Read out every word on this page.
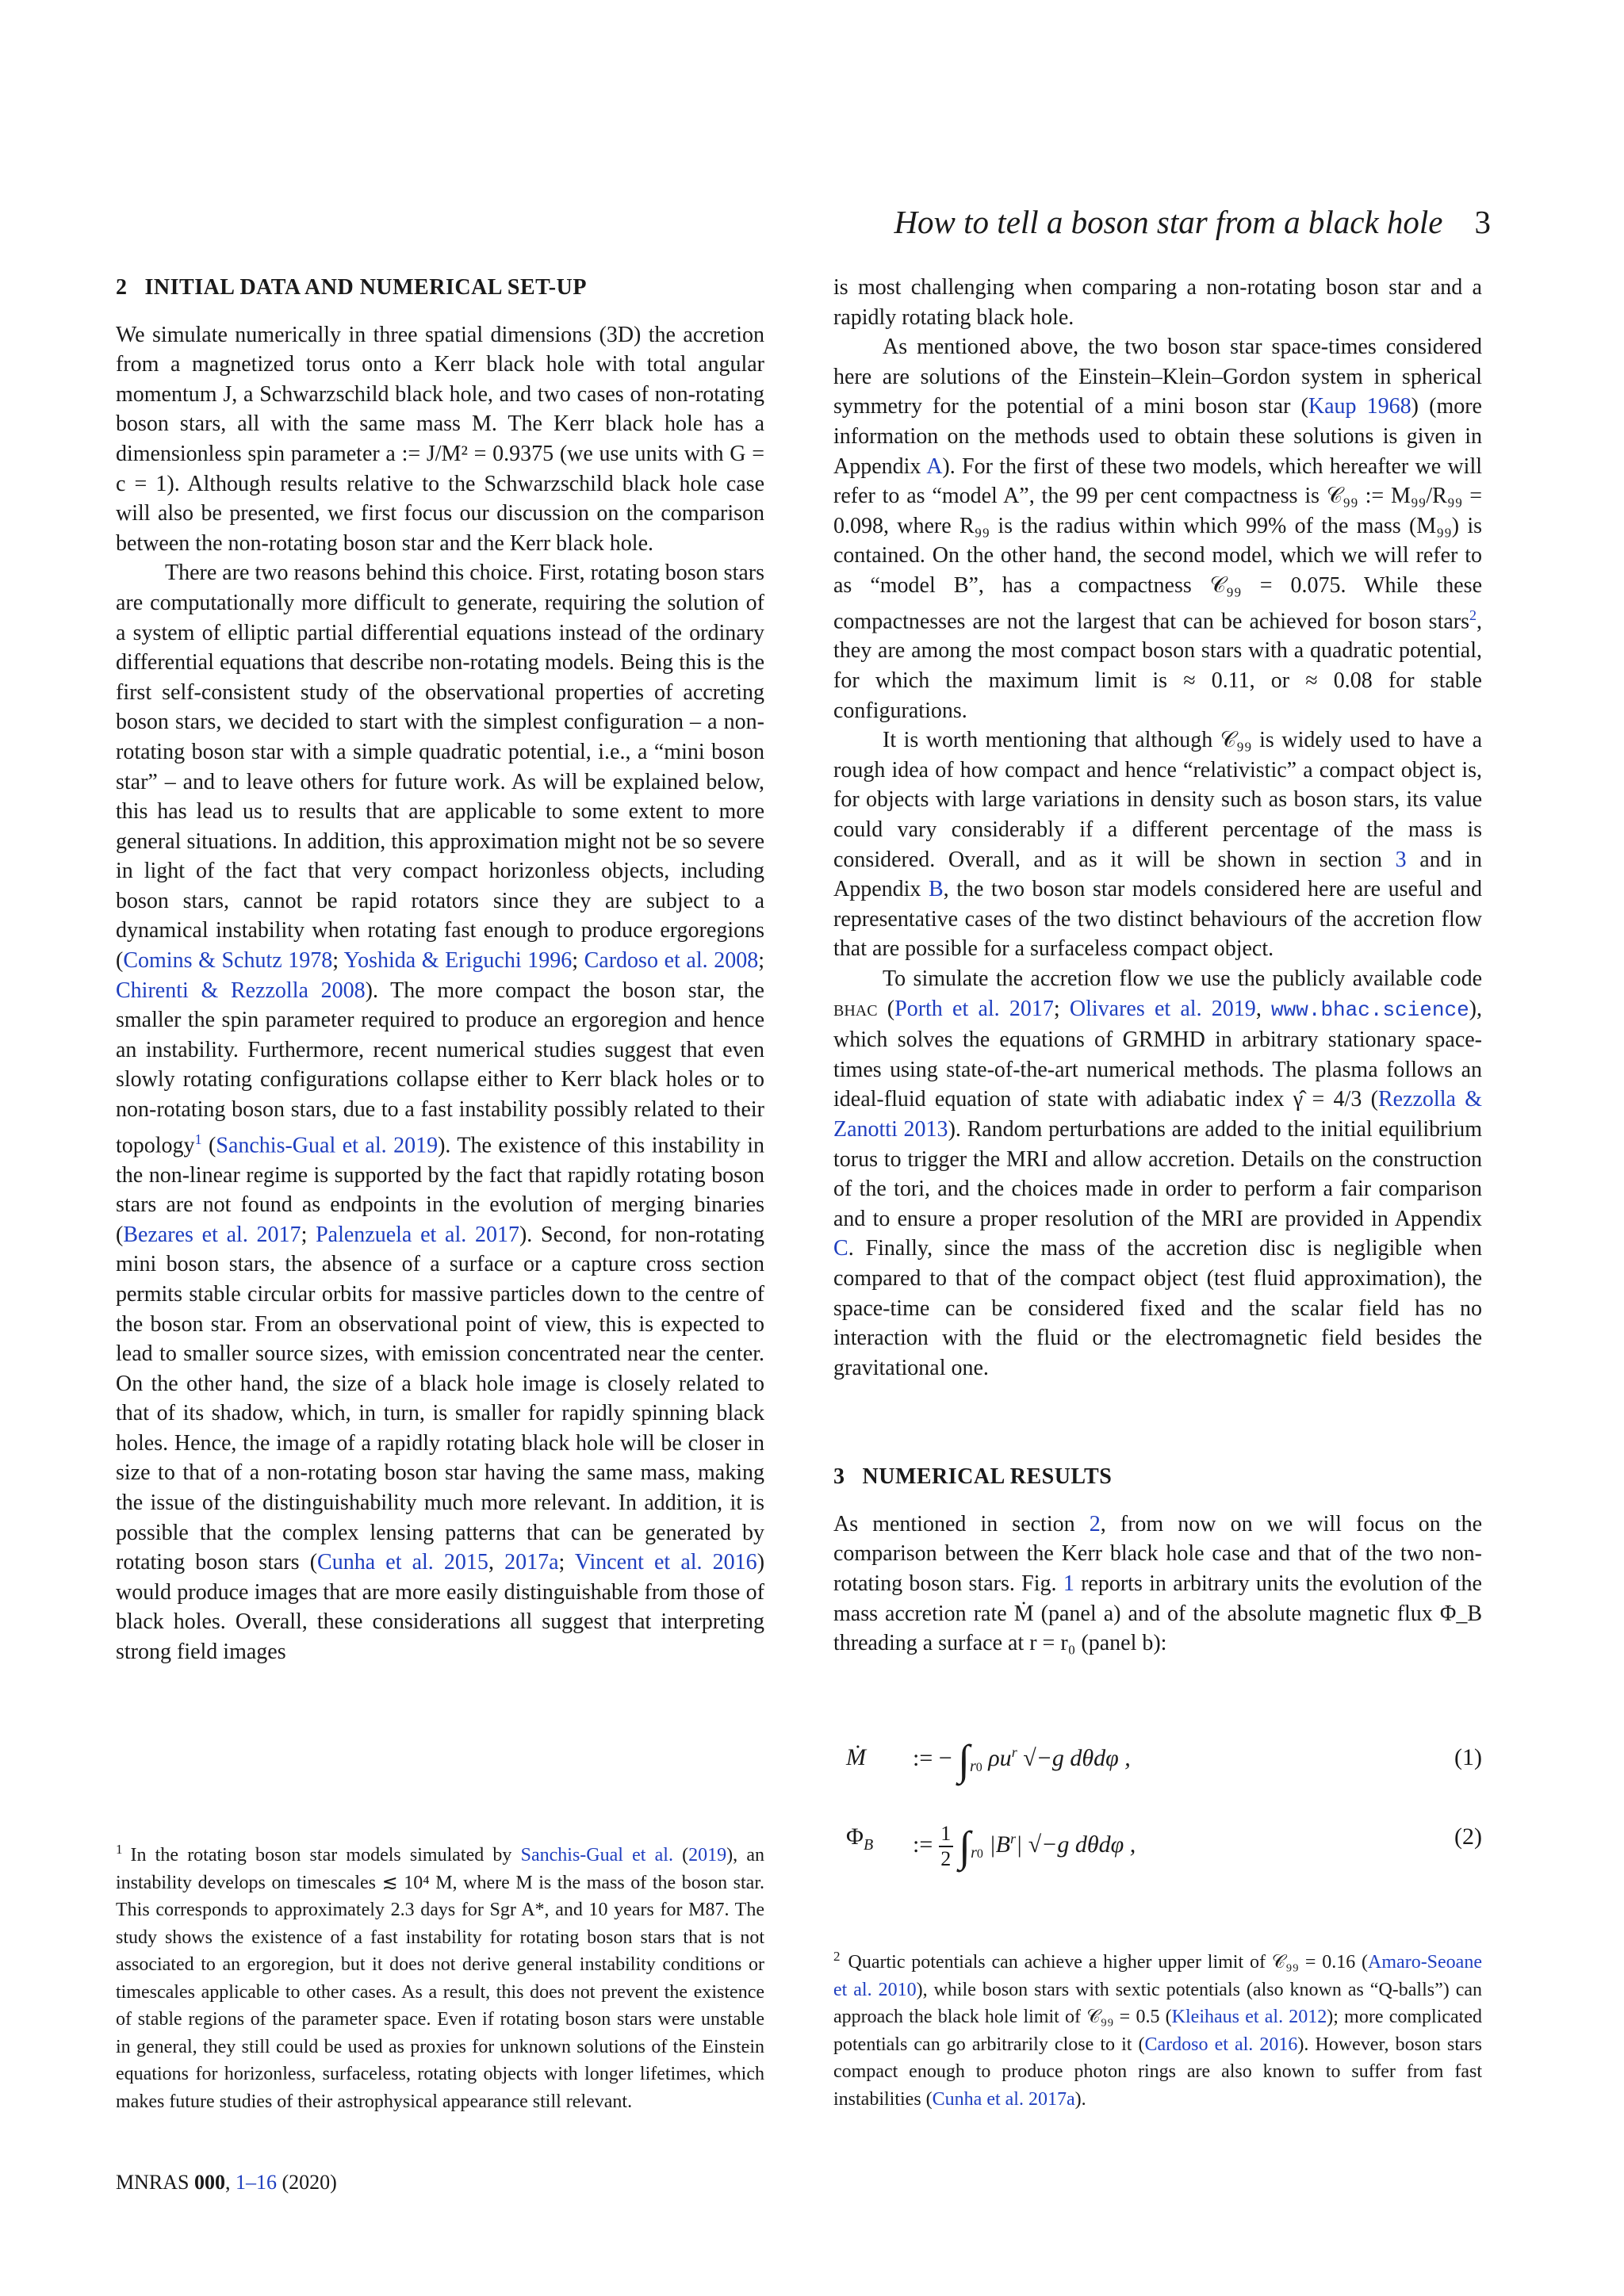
How to tell a boson star from a black hole 3
2 INITIAL DATA AND NUMERICAL SET-UP

We simulate numerically in three spatial dimensions (3D) the accretion from a magnetized torus onto a Kerr black hole with total angular momentum J, a Schwarzschild black hole, and two cases of non-rotating boson stars, all with the same mass M. The Kerr black hole has a dimensionless spin parameter a := J/M² = 0.9375 (we use units with G = c = 1). Although results relative to the Schwarzschild black hole case will also be presented, we first focus our discussion on the comparison between the non-rotating boson star and the Kerr black hole.

There are two reasons behind this choice. First, rotating boson stars are computationally more difficult to generate, requiring the solution of a system of elliptic partial differential equations instead of the ordinary differential equations that describe non-rotating models. Being this is the first self-consistent study of the observational properties of accreting boson stars, we decided to start with the simplest configuration – a non-rotating boson star with a simple quadratic potential, i.e., a “mini boson star” – and to leave others for future work. As will be explained below, this has lead us to results that are applicable to some extent to more general situations. In addition, this approximation might not be so severe in light of the fact that very compact horizonless objects, including boson stars, cannot be rapid rotators since they are subject to a dynamical instability when rotating fast enough to produce ergoregions (Comins & Schutz 1978; Yoshida & Eriguchi 1996; Cardoso et al. 2008; Chirenti & Rezzolla 2008). The more compact the boson star, the smaller the spin parameter required to produce an ergoregion and hence an instability. Furthermore, recent numerical studies suggest that even slowly rotating configurations collapse either to Kerr black holes or to non-rotating boson stars, due to a fast instability possibly related to their topology$^1$ (Sanchis-Gual et al. 2019). The existence of this instability in the non-linear regime is supported by the fact that rapidly rotating boson stars are not found as endpoints in the evolution of merging binaries (Bezares et al. 2017; Palenzuela et al. 2017). Second, for non-rotating mini boson stars, the absence of a surface or a capture cross section permits stable circular orbits for massive particles down to the centre of the boson star. From an observational point of view, this is expected to lead to smaller source sizes, with emission concentrated near the center. On the other hand, the size of a black hole image is closely related to that of its shadow, which, in turn, is smaller for rapidly spinning black holes. Hence, the image of a rapidly rotating black hole will be closer in size to that of a non-rotating boson star having the same mass, making the issue of the distinguishability much more relevant. In addition, it is possible that the complex lensing patterns that can be generated by rotating boson stars (Cunha et al. 2015, 2017a; Vincent et al. 2016) would produce images that are more easily distinguishable from those of black holes. Overall, these considerations all suggest that interpreting strong field images

$^1$ In the rotating boson star models simulated by Sanchis-Gual et al. (2019), an instability develops on timescales ≲ 10⁴ M, where M is the mass of the boson star. This corresponds to approximately 2.3 days for Sgr A*, and 10 years for M87. The study shows the existence of a fast instability for rotating boson stars that is not associated to an ergoregion, but it does not derive general instability conditions or timescales applicable to other cases. As a result, this does not prevent the existence of stable regions of the parameter space. Even if rotating boson stars were unstable in general, they still could be used as proxies for unknown solutions of the Einstein equations for horizonless, surfaceless, rotating objects with longer lifetimes, which makes future studies of their astrophysical appearance still relevant.
MNRAS 000, 1–16 (2020)

is most challenging when comparing a non-rotating boson star and a rapidly rotating black hole.

As mentioned above, the two boson star space-times considered here are solutions of the Einstein–Klein–Gordon system in spherical symmetry for the potential of a mini boson star (Kaup 1968) (more information on the methods used to obtain these solutions is given in Appendix A). For the first of these two models, which hereafter we will refer to as “model A”, the 99 per cent compactness is 𝒞₉₉ := M₉₉/R₉₉ = 0.098, where R₉₉ is the radius within which 99% of the mass (M₉₉) is contained. On the other hand, the second model, which we will refer to as “model B”, has a compactness 𝒞₉₉ = 0.075. While these compactnesses are not the largest that can be achieved for boson stars$^2$, they are among the most compact boson stars with a quadratic potential, for which the maximum limit is ≈ 0.11, or ≈ 0.08 for stable configurations.

It is worth mentioning that although 𝒞₉₉ is widely used to have a rough idea of how compact and hence “relativistic” a compact object is, for objects with large variations in density such as boson stars, its value could vary considerably if a different percentage of the mass is considered. Overall, and as it will be shown in section 3 and in Appendix B, the two boson star models considered here are useful and representative cases of the two distinct behaviours of the accretion flow that are possible for a surfaceless compact object.

To simulate the accretion flow we use the publicly available code bhac (Porth et al. 2017; Olivares et al. 2019, www.bhac.science), which solves the equations of GRMHD in arbitrary stationary space-times using state-of-the-art numerical methods. The plasma follows an ideal-fluid equation of state with adiabatic index γ̂ = 4/3 (Rezzolla & Zanotti 2013). Random perturbations are added to the initial equilibrium torus to trigger the MRI and allow accretion. Details on the construction of the tori, and the choices made in order to perform a fair comparison and to ensure a proper resolution of the MRI are provided in Appendix C. Finally, since the mass of the accretion disc is negligible when compared to that of the compact object (test fluid approximation), the space-time can be considered fixed and the scalar field has no interaction with the fluid or the electromagnetic field besides the gravitational one.

3 NUMERICAL RESULTS

As mentioned in section 2, from now on we will focus on the comparison between the Kerr black hole case and that of the two non-rotating boson stars. Fig. 1 reports in arbitrary units the evolution of the mass accretion rate Ṁ (panel a) and of the absolute magnetic flux Φ_B threading a surface at r = r₀ (panel b):

Ṁ := − $\int_{r0}$ $\rho u^r$ √−g dθdφ ,	(1)
$\Phi_B$ := $\frac{1}{2} \int_{r0}$ $|B^r|$ √−g dθdφ ,	(2)
$^2$ Quartic potentials can achieve a higher upper limit of 𝒞₉₉ = 0.16 (Amaro-Seoane et al. 2010), while boson stars with sextic potentials (also known as “Q-balls”) can approach the black hole limit of 𝒞₉₉ = 0.5 (Kleihaus et al. 2012); more complicated potentials can go arbitrarily close to it (Cardoso et al. 2016). However, boson stars compact enough to produce photon rings are also known to suffer from fast instabilities (Cunha et al. 2017a).
